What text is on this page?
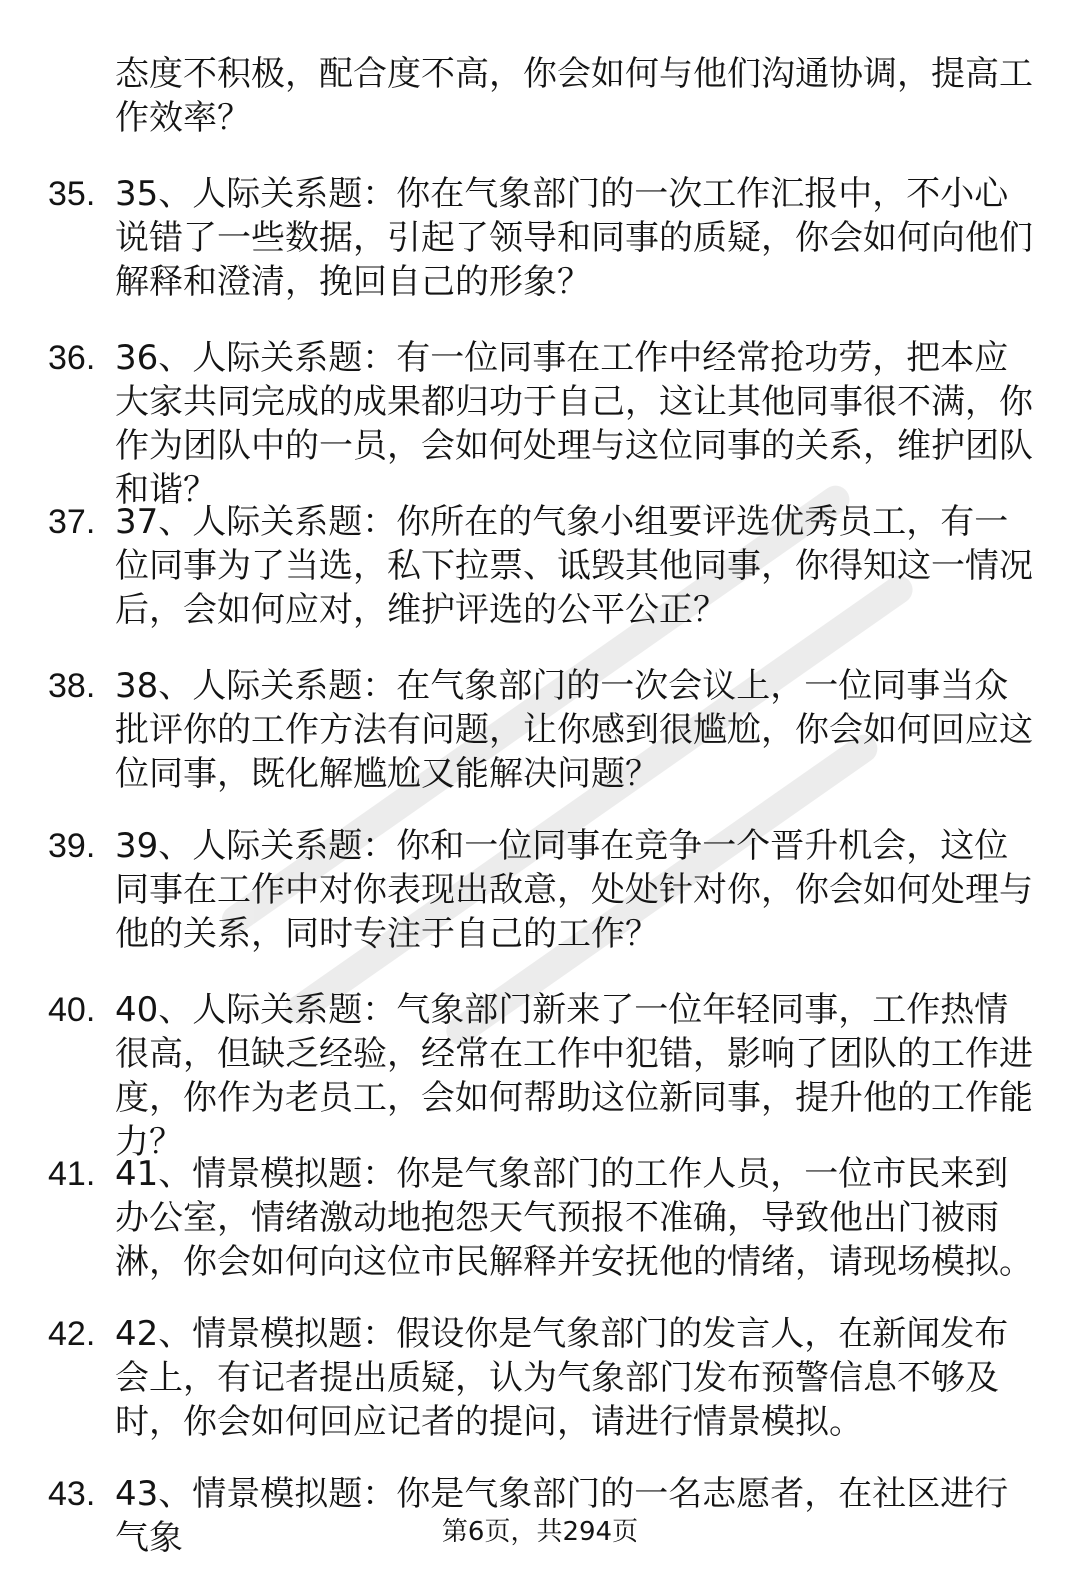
态度不积极，配合度不高，你会如何与他们沟通协调，提高工作效率？

35. 35、人际关系题：你在气象部门的一次工作汇报中，不小心说错了一些数据，引起了领导和同事的质疑，你会如何向他们解释和澄清，挽回自己的形象？

36. 36、人际关系题：有一位同事在工作中经常抢功劳，把本应大家共同完成的成果都归功于自己，这让其他同事很不满，你作为团队中的一员，会如何处理与这位同事的关系，维护团队和谐？

37. 37、人际关系题：你所在的气象小组要评选优秀员工，有一位同事为了当选，私下拉票、诋毁其他同事，你得知这一情况后，会如何应对，维护评选的公平公正？

38. 38、人际关系题：在气象部门的一次会议上，一位同事当众批评你的工作方法有问题，让你感到很尴尬，你会如何回应这位同事，既化解尴尬又能解决问题？

39. 39、人际关系题：你和一位同事在竞争一个晋升机会，这位同事在工作中对你表现出敌意，处处针对你，你会如何处理与他的关系，同时专注于自己的工作？

40. 40、人际关系题：气象部门新来了一位年轻同事，工作热情很高，但缺乏经验，经常在工作中犯错，影响了团队的工作进度，你作为老员工，会如何帮助这位新同事，提升他的工作能力？

41. 41、情景模拟题：你是气象部门的工作人员，一位市民来到办公室，情绪激动地抱怨天气预报不准确，导致他出门被雨淋，你会如何向这位市民解释并安抚他的情绪，请现场模拟。

42. 42、情景模拟题：假设你是气象部门的发言人，在新闻发布会上，有记者提出质疑，认为气象部门发布预警信息不够及时，你会如何回应记者的提问，请进行情景模拟。

43. 43、情景模拟题：你是气象部门的一名志愿者，在社区进行气象	第6页，共294页
